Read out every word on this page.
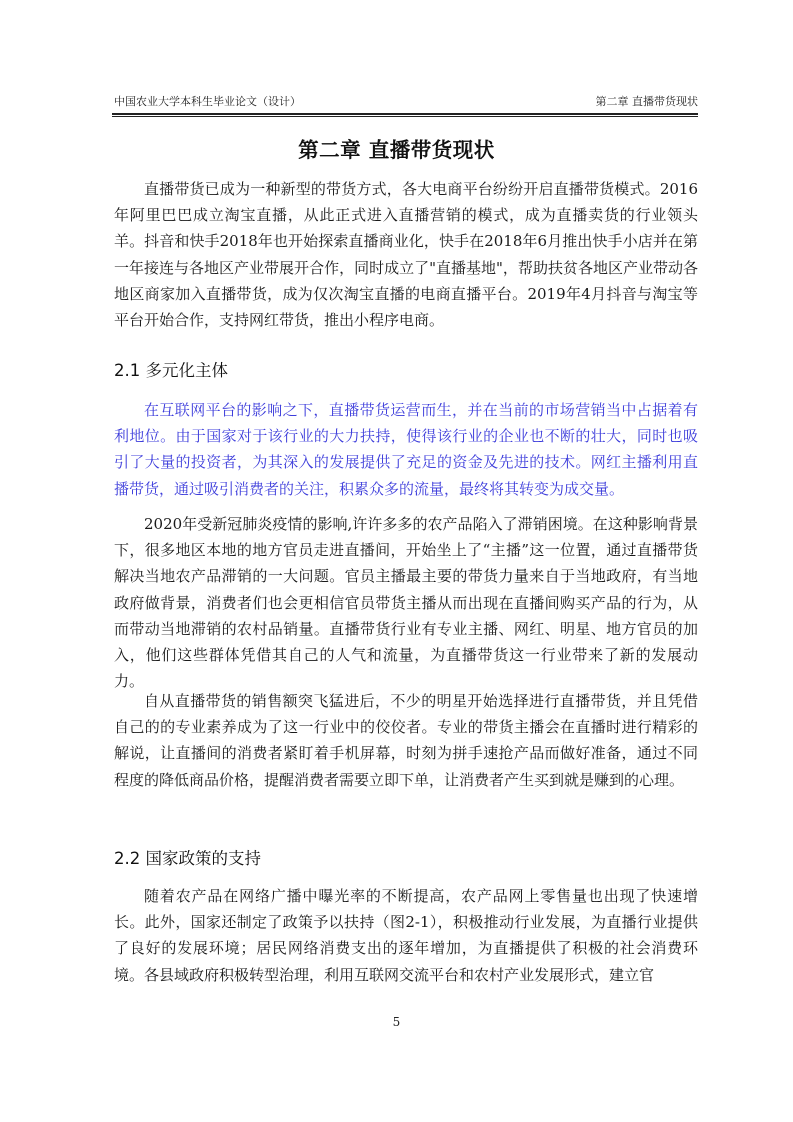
中国农业大学本科生毕业论文（设计）	第二章 直播带货现状
第二章 直播带货现状

直播带货已成为一种新型的带货方式，各大电商平台纷纷开启直播带货模式。2016年阿里巴巴成立淘宝直播，从此正式进入直播营销的模式，成为直播卖货的行业领头羊。抖音和快手2018年也开始探索直播商业化，快手在2018年6月推出快手小店并在第一年接连与各地区产业带展开合作，同时成立了"直播基地"，帮助扶贫各地区产业带动各地区商家加入直播带货，成为仅次淘宝直播的电商直播平台。2019年4月抖音与淘宝等平台开始合作，支持网红带货，推出小程序电商。

2.1 多元化主体

在互联网平台的影响之下，直播带货运营而生，并在当前的市场营销当中占据着有利地位。由于国家对于该行业的大力扶持，使得该行业的企业也不断的壮大，同时也吸引了大量的投资者，为其深入的发展提供了充足的资金及先进的技术。网红主播利用直播带货，通过吸引消费者的关注，积累众多的流量，最终将其转变为成交量。

2020年受新冠肺炎疫情的影响,许许多多的农产品陷入了滞销困境。在这种影响背景下，很多地区本地的地方官员走进直播间，开始坐上了“主播”这一位置，通过直播带货解决当地农产品滞销的一大问题。官员主播最主要的带货力量来自于当地政府，有当地政府做背景，消费者们也会更相信官员带货主播从而出现在直播间购买产品的行为，从而带动当地滞销的农村品销量。直播带货行业有专业主播、网红、明星、地方官员的加入，他们这些群体凭借其自己的人气和流量，为直播带货这一行业带来了新的发展动力。

自从直播带货的销售额突飞猛进后，不少的明星开始选择进行直播带货，并且凭借自己的的专业素养成为了这一行业中的佼佼者。专业的带货主播会在直播时进行精彩的解说，让直播间的消费者紧盯着手机屏幕，时刻为拼手速抢产品而做好准备，通过不同程度的降低商品价格，提醒消费者需要立即下单，让消费者产生买到就是赚到的心理。

2.2 国家政策的支持

随着农产品在网络广播中曝光率的不断提高，农产品网上零售量也出现了快速增长。此外，国家还制定了政策予以扶持（图2-1），积极推动行业发展，为直播行业提供了良好的发展环境；居民网络消费支出的逐年增加，为直播提供了积极的社会消费环境。各县域政府积极转型治理，利用互联网交流平台和农村产业发展形式，建立官

5
